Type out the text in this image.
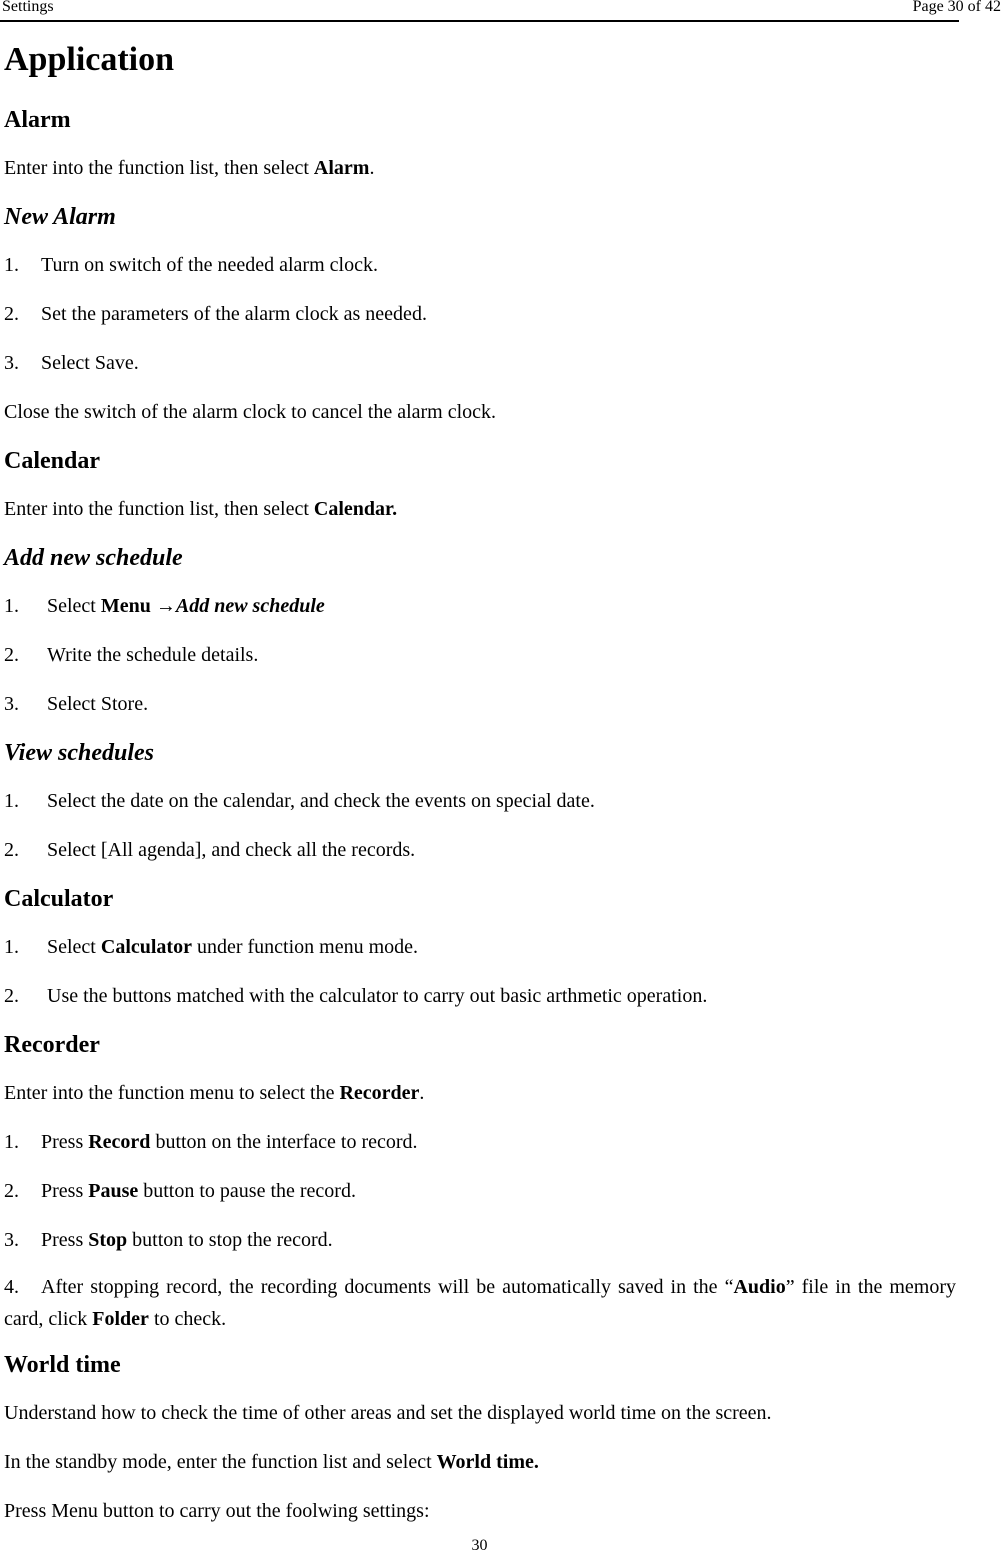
Settings	Page 30 of 42
Application
Alarm

Enter into the function list, then select Alarm.

New Alarm

1. Turn on switch of the needed alarm clock.

2. Set the parameters of the alarm clock as needed.

3. Select Save.

Close the switch of the alarm clock to cancel the alarm clock.

Calendar

Enter into the function list, then select Calendar.

Add new schedule

1. Select Menu →Add new schedule

2. Write the schedule details.

3. Select Store.

View schedules

1. Select the date on the calendar, and check the events on special date.

2. Select [All agenda], and check all the records.

Calculator

1. Select Calculator under function menu mode.

2. Use the buttons matched with the calculator to carry out basic arthmetic operation.

Recorder

Enter into the function menu to select the Recorder.

1. Press Record button on the interface to record.

2. Press Pause button to pause the record.

3. Press Stop button to stop the record.

4. After stopping record, the recording documents will be automatically saved in the “Audio” file in the memory card, click Folder to check.

World time

Understand how to check the time of other areas and set the displayed world time on the screen.

In the standby mode, enter the function list and select World time.

Press Menu button to carry out the foolwing settings:

30
